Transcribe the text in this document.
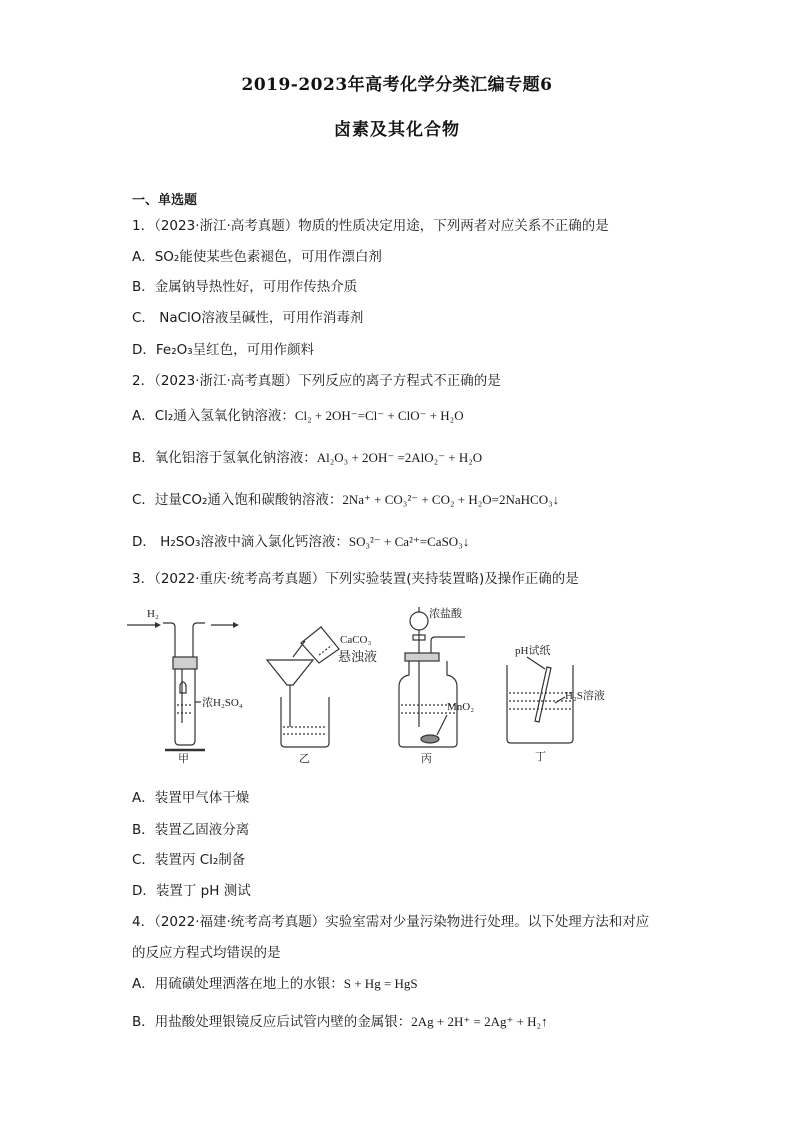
2019-2023年高考化学分类汇编专题6
卤素及其化合物
一、单选题
1．（2023·浙江·高考真题）物质的性质决定用途，下列两者对应关系不正确的是
A．SO₂能使某些色素褪色，可用作漂白剂
B．金属钠导热性好，可用作传热介质
C． NaClO溶液呈碱性，可用作消毒剂
D．Fe₂O₃呈红色，可用作颜料
2．（2023·浙江·高考真题）下列反应的离子方程式不正确的是
A．Cl₂通入氢氧化钠溶液：Cl₂ + 2OH⁻=Cl⁻ + ClO⁻ + H₂O
B．氧化铝溶于氢氧化钠溶液：Al₂O₃ + 2OH⁻ =2AlO₂⁻ + H₂O
C．过量CO₂通入饱和碳酸钠溶液：2Na⁺ + CO₃²⁻ + CO₂ + H₂O=2NaHCO₃↓
D． H₂SO₃溶液中滴入氯化钙溶液：SO₃²⁻ + Ca²⁺=CaSO₃↓
3．（2022·重庆·统考高考真题）下列实验装置(夹持装置略)及操作正确的是
H₂
浓H₂SO₄
甲
CaCO₃
悬浊液
乙
浓盐酸
MnO₂
丙
pH试纸
H₂S溶液
丁
A．装置甲气体干燥
B．装置乙固液分离
C．装置丙 Cl₂制备
D．装置丁 pH 测试
4．（2022·福建·统考高考真题）实验室需对少量污染物进行处理。以下处理方法和对应
的反应方程式均错误的是
A．用硫磺处理洒落在地上的水银：S + Hg = HgS
B．用盐酸处理银镜反应后试管内壁的金属银：2Ag + 2H⁺ = 2Ag⁺ + H₂↑
